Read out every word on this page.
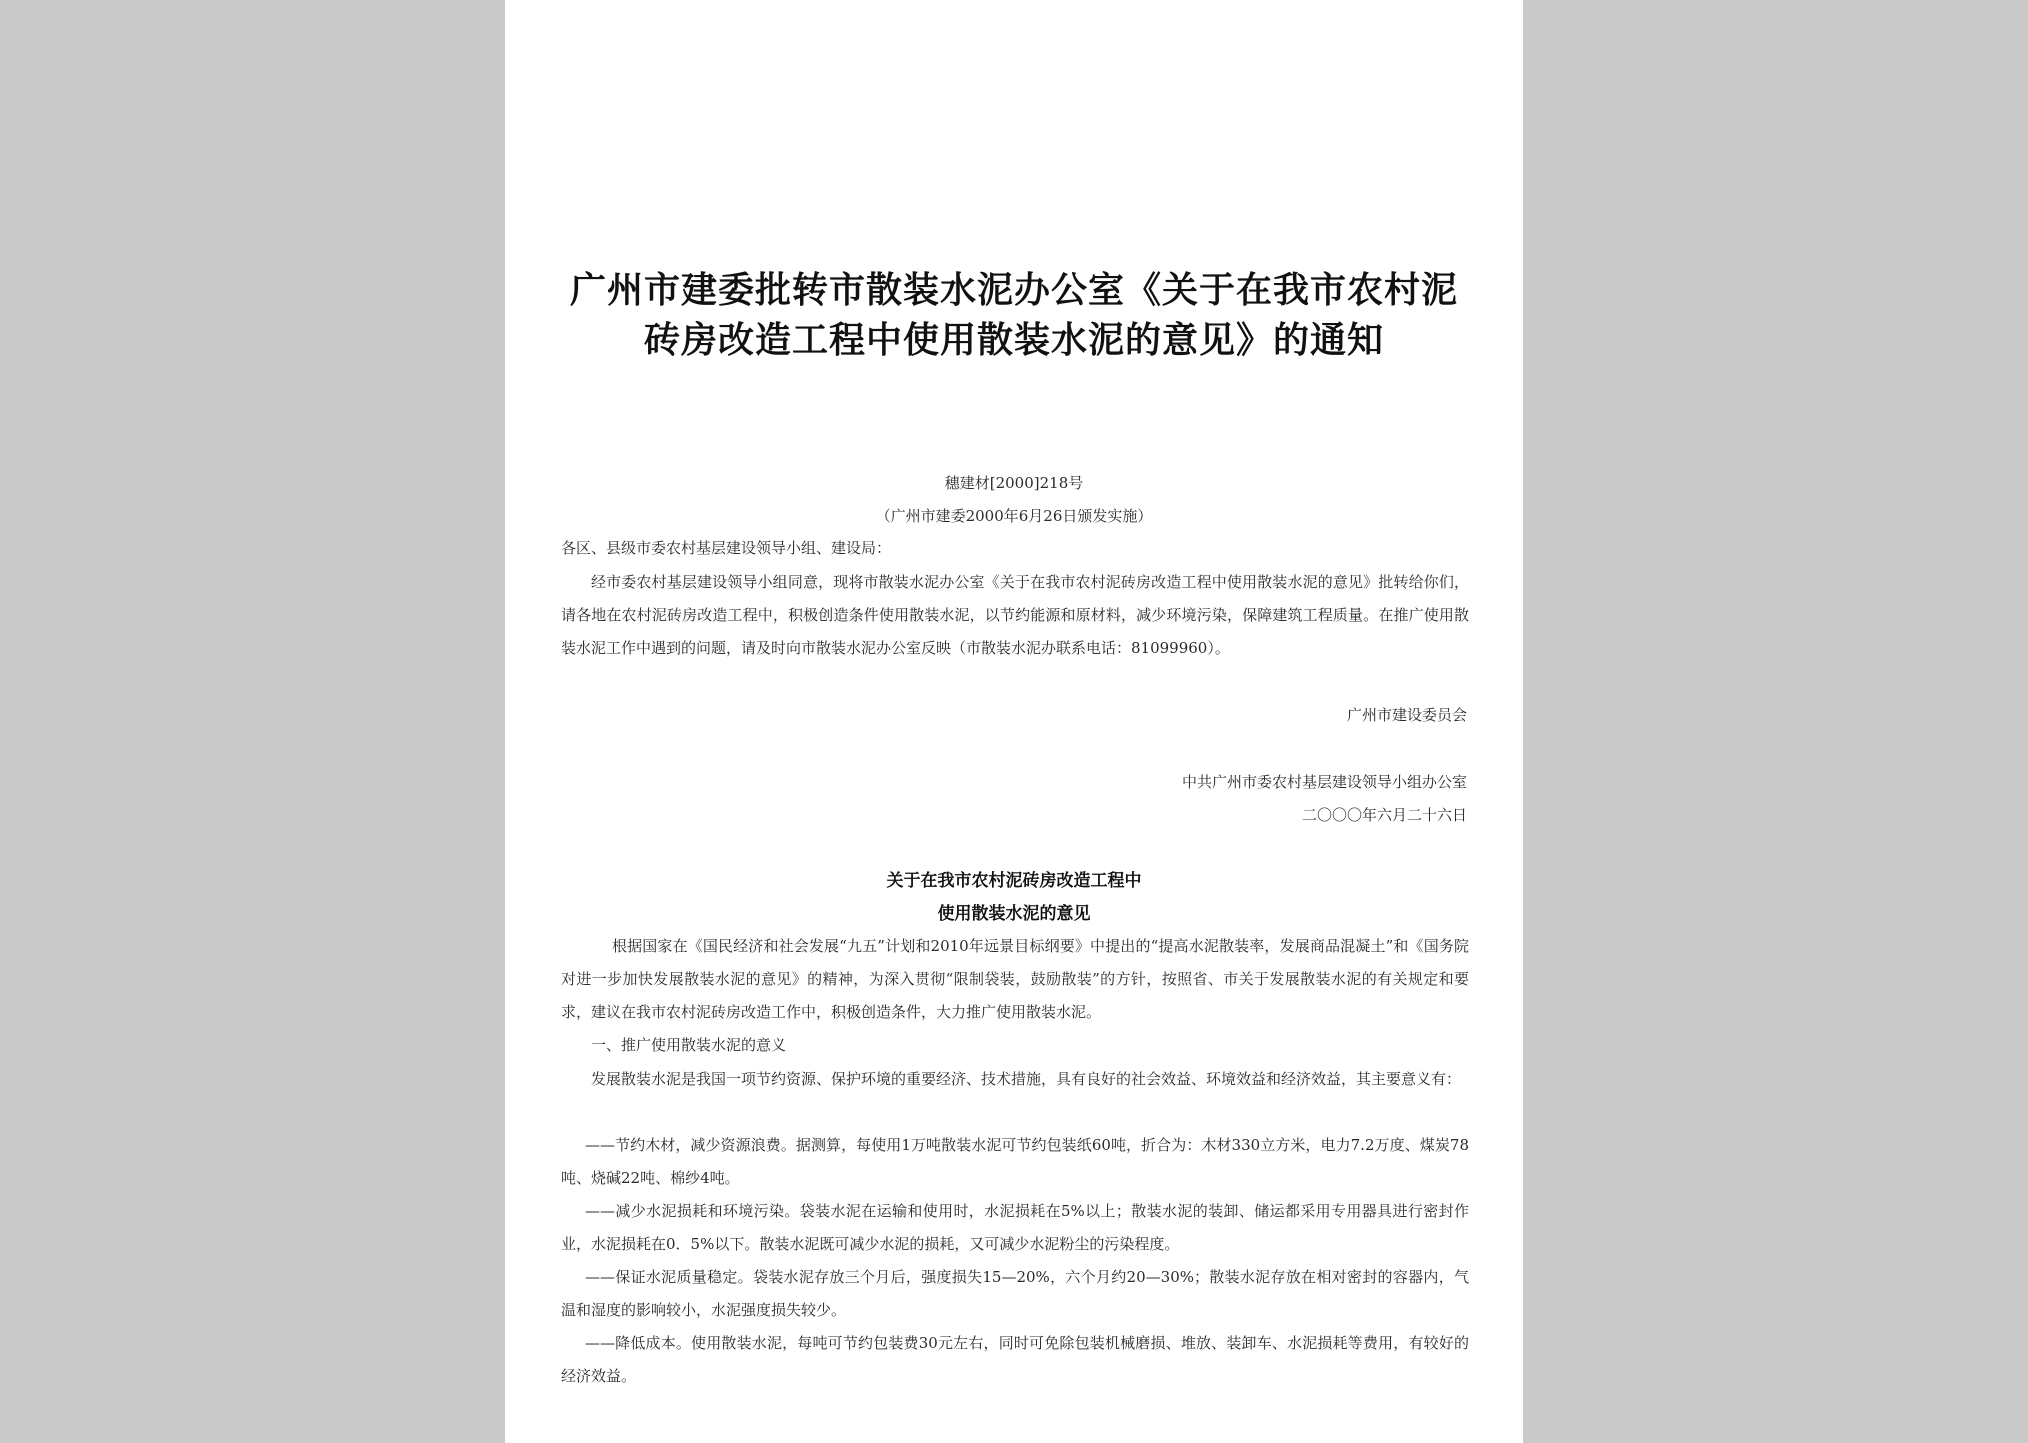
广州市建委批转市散装水泥办公室《关于在我市农村泥
砖房改造工程中使用散装水泥的意见》的通知
穗建材[2000]218号
（广州市建委2000年6月26日颁发实施）
各区、县级市委农村基层建设领导小组、建设局：
经市委农村基层建设领导小组同意，现将市散装水泥办公室《关于在我市农村泥砖房改造工程中使用散装水泥的意见》批转给你们，请各地在农村泥砖房改造工程中，积极创造条件使用散装水泥，以节约能源和原材料，减少环境污染，保障建筑工程质量。在推广使用散装水泥工作中遇到的问题，请及时向市散装水泥办公室反映（市散装水泥办联系电话：81099960）。
广州市建设委员会
中共广州市委农村基层建设领导小组办公室
二〇〇〇年六月二十六日
关于在我市农村泥砖房改造工程中
使用散装水泥的意见
根据国家在《国民经济和社会发展“九五”计划和2010年远景目标纲要》中提出的“提高水泥散装率，发展商品混凝土”和《国务院对进一步加快发展散装水泥的意见》的精神，为深入贯彻“限制袋装，鼓励散装”的方针，按照省、市关于发展散装水泥的有关规定和要求，建议在我市农村泥砖房改造工作中，积极创造条件，大力推广使用散装水泥。
一、推广使用散装水泥的意义
发展散装水泥是我国一项节约资源、保护环境的重要经济、技术措施，具有良好的社会效益、环境效益和经济效益，其主要意义有：
——节约木材，减少资源浪费。据测算，每使用1万吨散装水泥可节约包装纸60吨，折合为：木材330立方米，电力7.2万度、煤炭78吨、烧碱22吨、棉纱4吨。
——减少水泥损耗和环境污染。袋装水泥在运输和使用时，水泥损耗在5%以上；散装水泥的装卸、储运都采用专用器具进行密封作业，水泥损耗在0．5%以下。散装水泥既可减少水泥的损耗，又可减少水泥粉尘的污染程度。
——保证水泥质量稳定。袋装水泥存放三个月后，强度损失15—20%，六个月约20—30%；散装水泥存放在相对密封的容器内，气温和湿度的影响较小，水泥强度损失较少。
——降低成本。使用散装水泥，每吨可节约包装费30元左右，同时可免除包装机械磨损、堆放、装卸车、水泥损耗等费用，有较好的经济效益。
